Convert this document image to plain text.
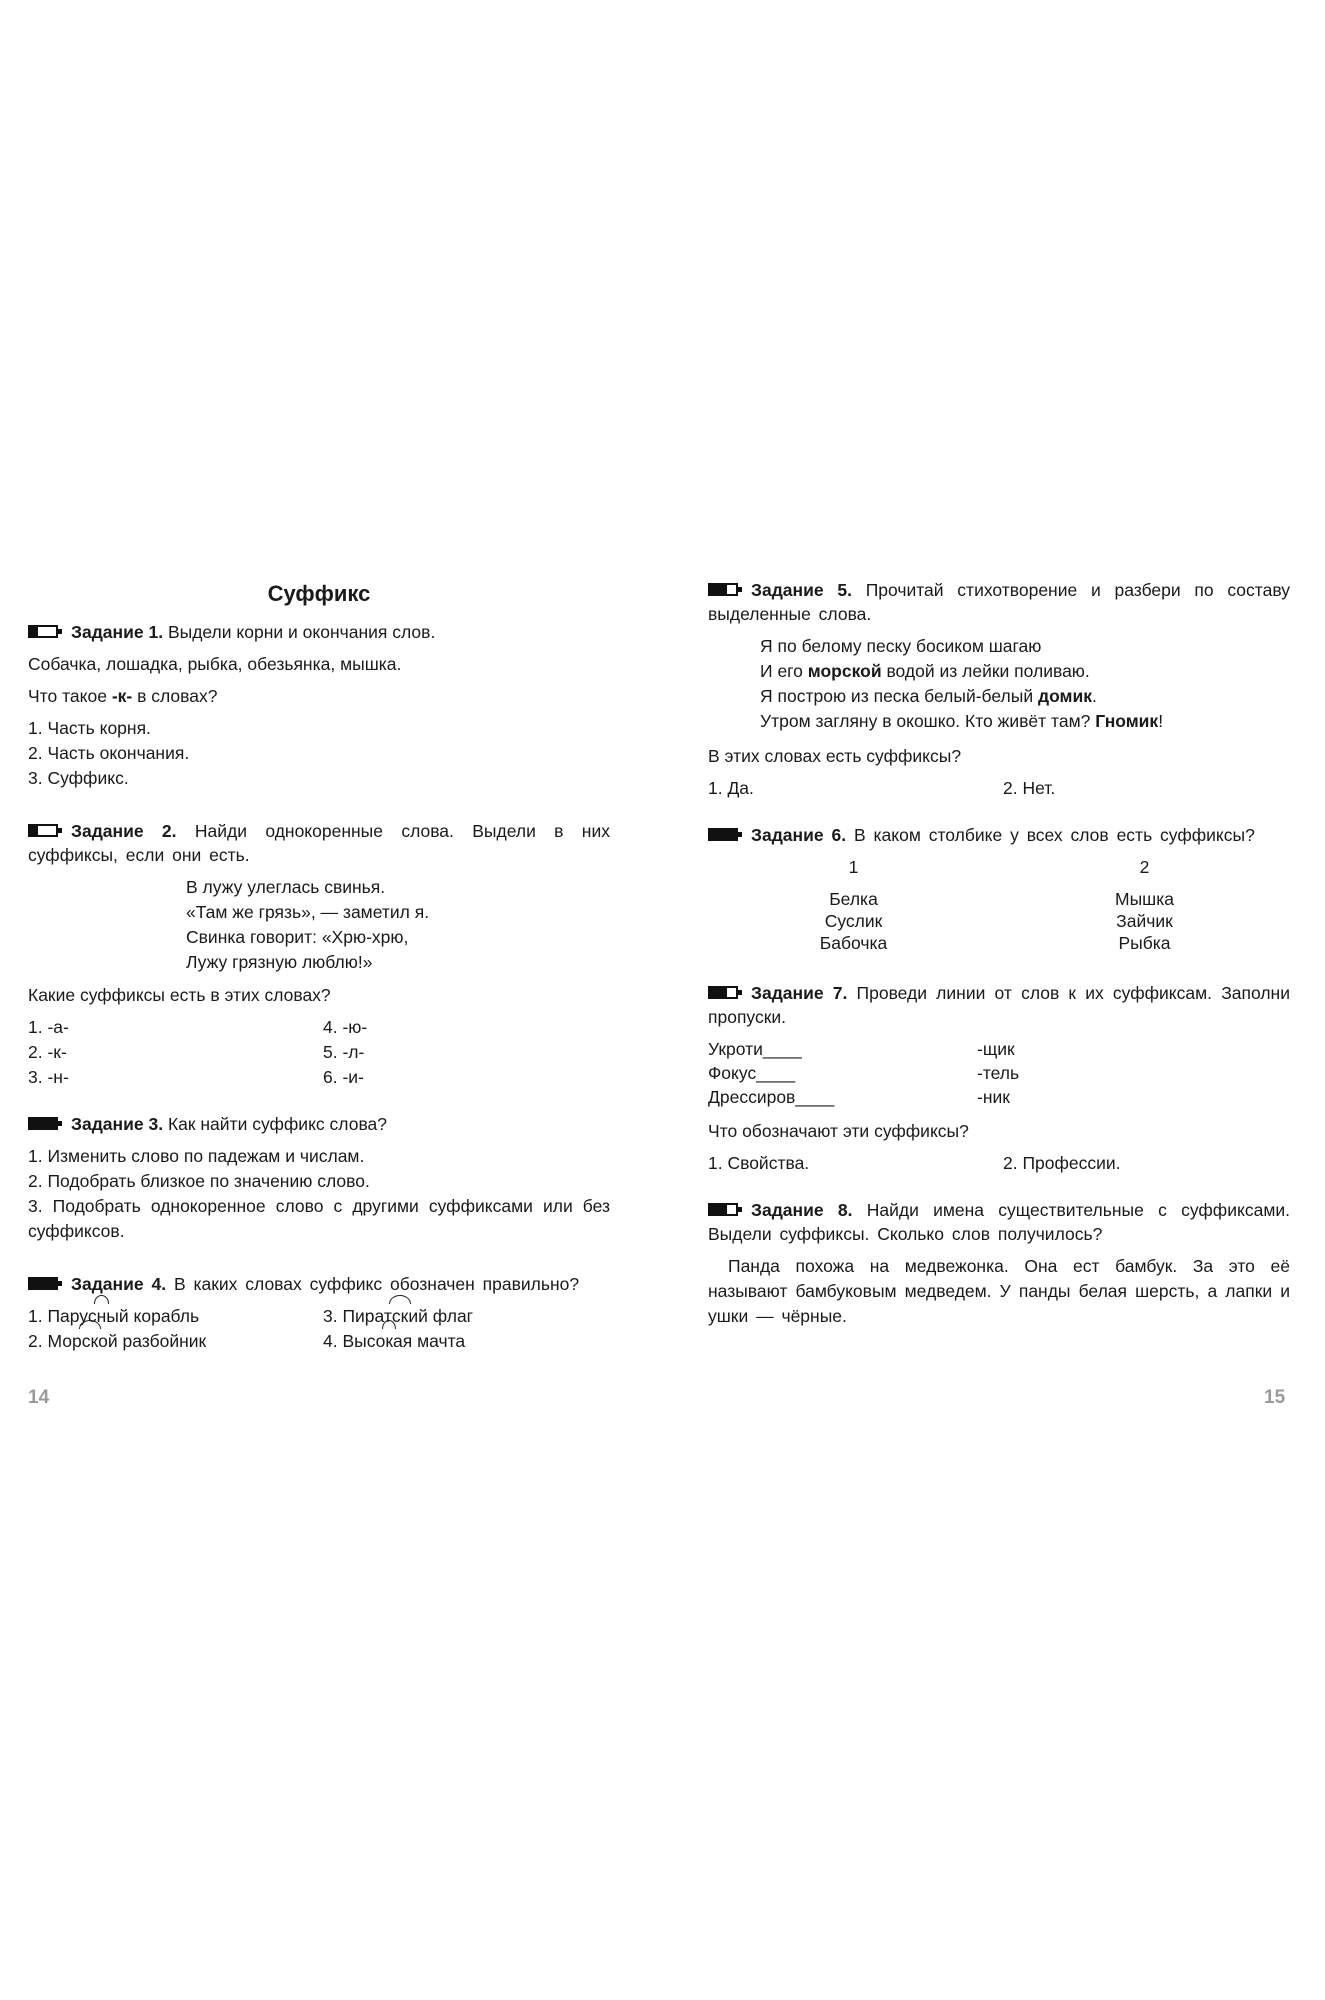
Суффикс

Задание 1. Выдели корни и окончания слов.

Собачка, лошадка, рыбка, обезьянка, мышка.

Что такое -к- в словах?

1. Часть корня.
2. Часть окончания.
3. Суффикс.

Задание 2. Найди однокоренные слова. Выдели в них суффиксы, если они есть.

В лужу улеглась свинья.
«Там же грязь», — заметил я.
Свинка говорит: «Хрю-хрю,
Лужу грязную люблю!»

Какие суффиксы есть в этих словах?

1. -а-
2. -к-
3. -н-
4. -ю-
5. -л-
6. -и-

Задание 3. Как найти суффикс слова?

1. Изменить слово по падежам и числам.
2. Подобрать близкое по значению слово.
3. Подобрать однокоренное слово с другими суффиксами или без суффиксов.

Задание 4. В каких словах суффикс обозначен правильно?

1. Парусный корабль
2. Морской разбойник
3. Пиратский флаг
4. Высокая мачта

Задание 5. Прочитай стихотворение и разбери по составу выделенные слова.

Я по белому песку босиком шагаю
И его морской водой из лейки поливаю.
Я построю из песка белый-белый домик.
Утром загляну в окошко. Кто живёт там? Гномик!

В этих словах есть суффиксы?

1. Да.	2. Нет.

Задание 6. В каком столбике у всех слов есть суффиксы?

1
Белка
Суслик
Бабочка
2
Мышка
Зайчик
Рыбка

Задание 7. Проведи линии от слов к их суффиксам. Заполни пропуски.

Укроти____
Фокус____
Дрессиров____
-щик
-тель
-ник

Что обозначают эти суффиксы?

1. Свойства.	2. Профессии.

Задание 8. Найди имена существительные с суффиксами. Выдели суффиксы. Сколько слов получилось?

Панда похожа на медвежонка. Она ест бамбук. За это её называют бамбуковым медведем. У панды белая шерсть, а лапки и ушки — чёрные.

14	15
